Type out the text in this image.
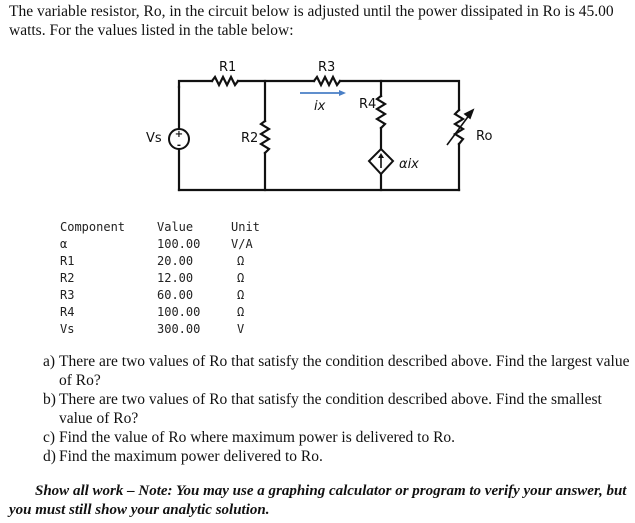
The variable resistor, Ro, in the circuit below is adjusted until the power dissipated in Ro is 45.00 watts. For the values listed in the table below:
+
-
R1	R3
R4
R2	Ro
Vs
ix
αix
Component	Value	Unit
α	100.00	V/A
R1	20.00	Ω
R2	12.00	Ω
R3	60.00	Ω
R4	100.00	Ω
Vs	300.00	V
a) There are two values of Ro that satisfy the condition described above. Find the largest value of Ro?
b) There are two values of Ro that satisfy the condition described above. Find the smallest value of Ro?
c) Find the value of Ro where maximum power is delivered to Ro.
d) Find the maximum power delivered to Ro.
Show all work – Note: You may use a graphing calculator or program to verify your answer, but you must still show your analytic solution.
